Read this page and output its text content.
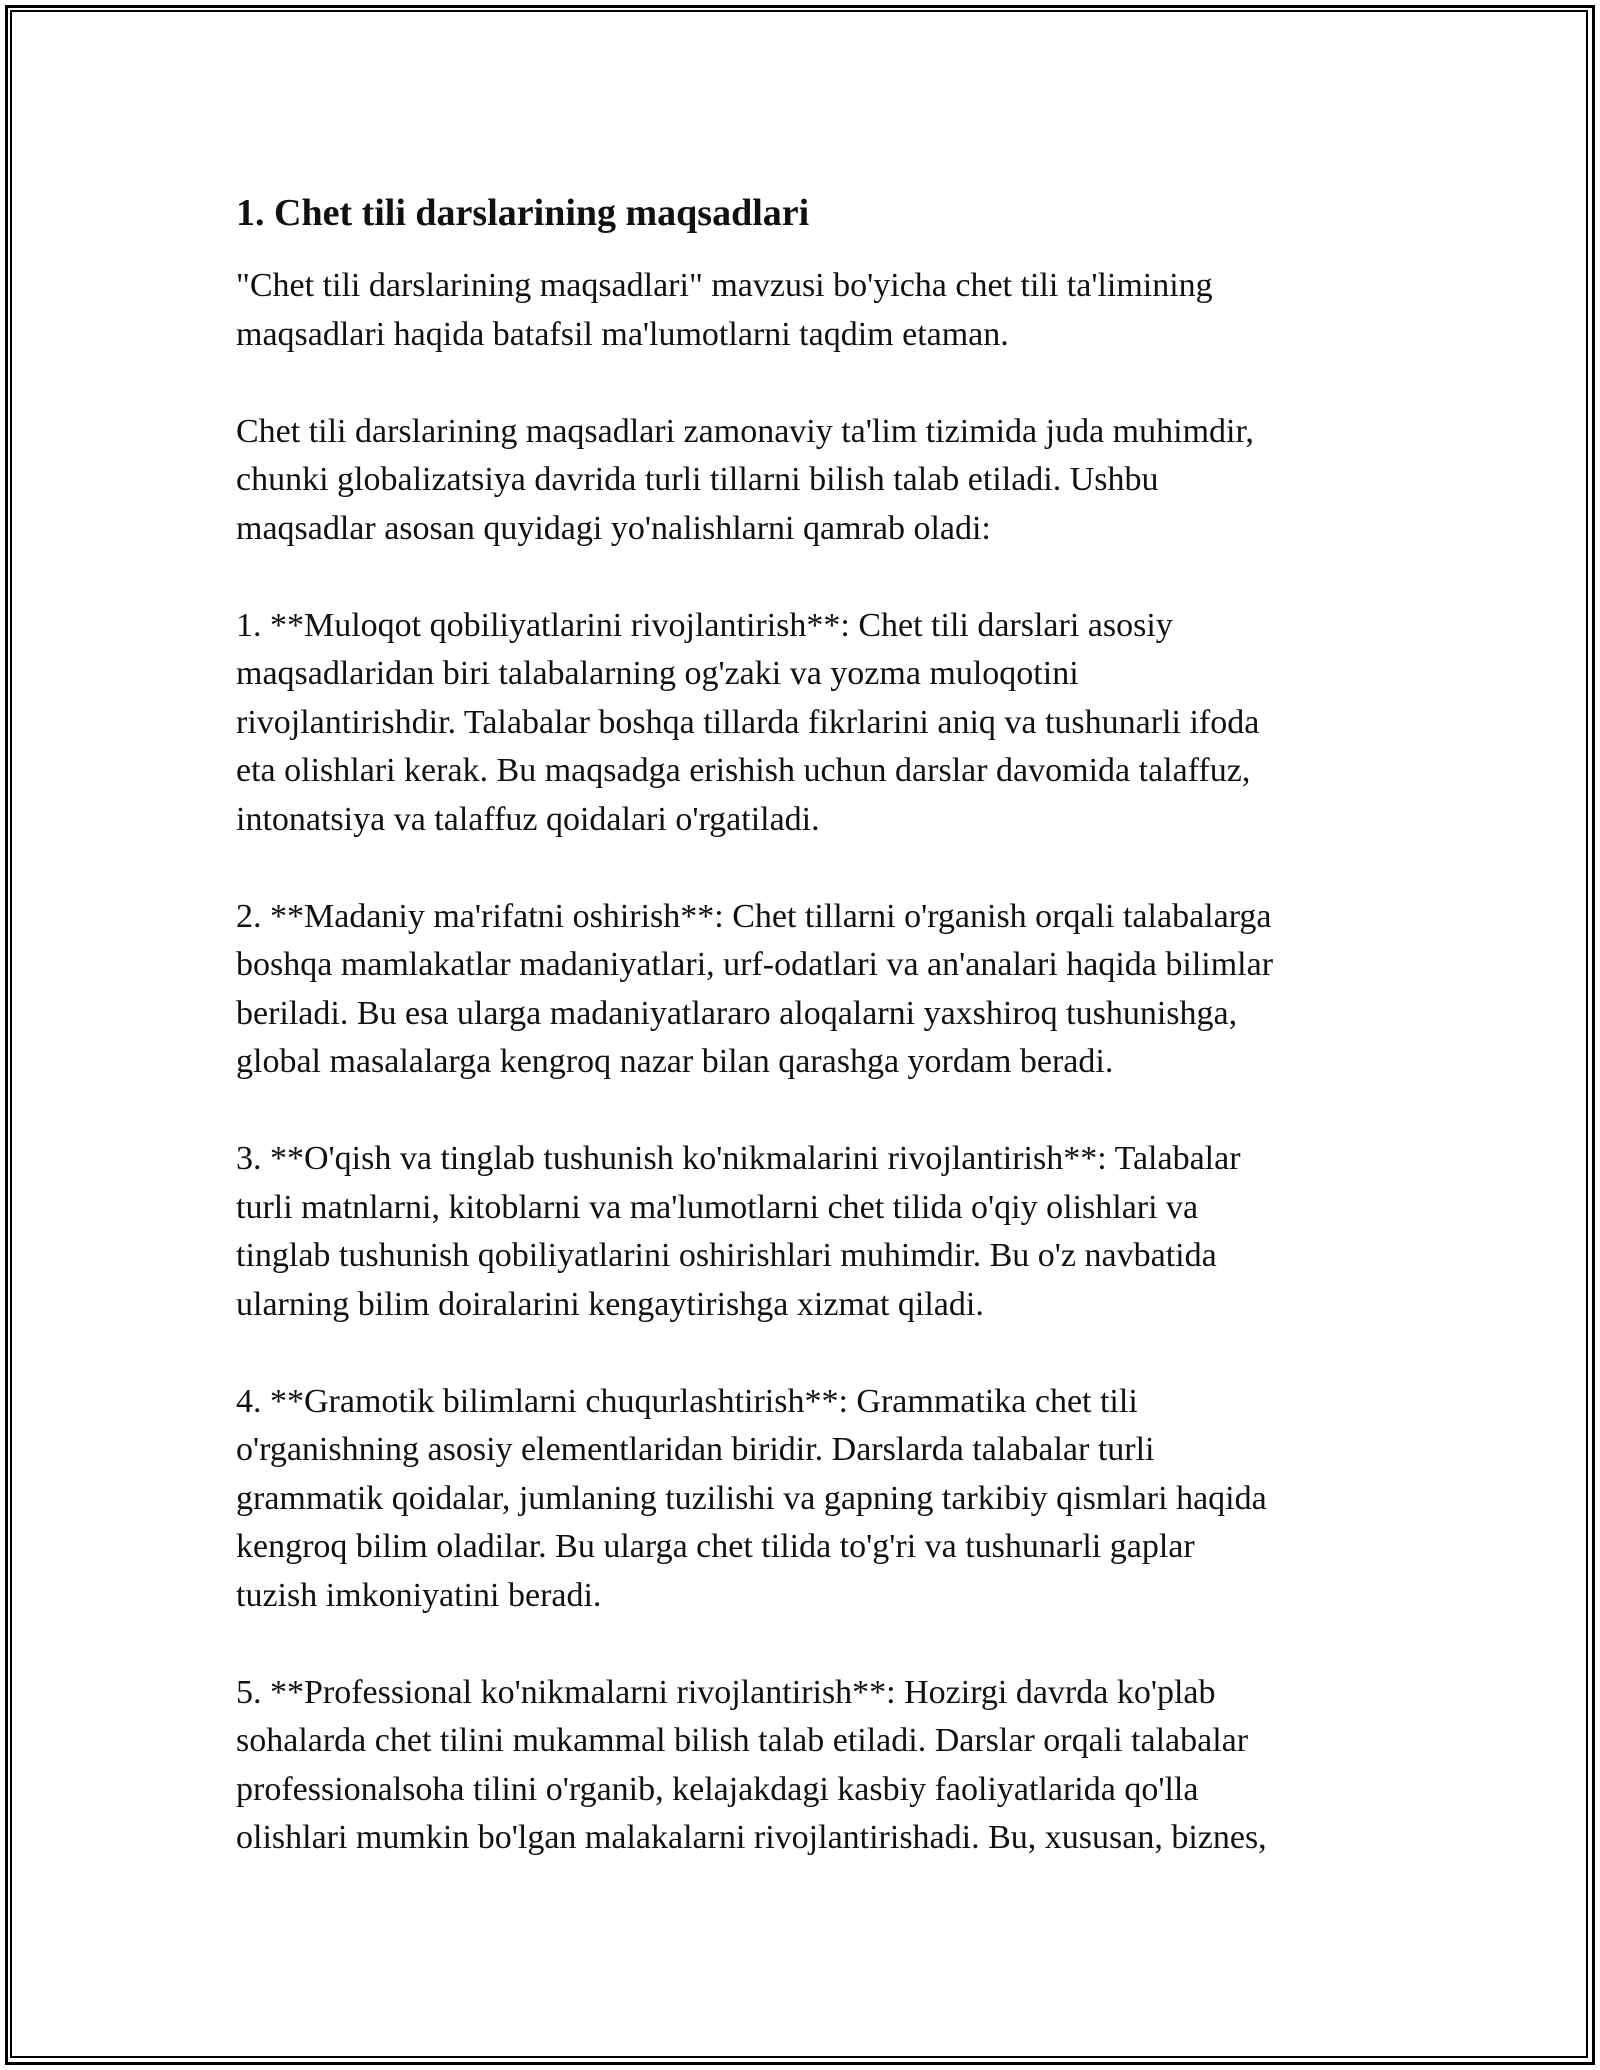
1. Chet tili darslarining maqsadlari

"Chet tili darslarining maqsadlari" mavzusi bo'yicha chet tili ta'limining
maqsadlari haqida batafsil ma'lumotlarni taqdim etaman.

Chet tili darslarining maqsadlari zamonaviy ta'lim tizimida juda muhimdir,
chunki globalizatsiya davrida turli tillarni bilish talab etiladi. Ushbu
maqsadlar asosan quyidagi yo'nalishlarni qamrab oladi:

1. **Muloqot qobiliyatlarini rivojlantirish**: Chet tili darslari asosiy
maqsadlaridan biri talabalarning og'zaki va yozma muloqotini
rivojlantirishdir. Talabalar boshqa tillarda fikrlarini aniq va tushunarli ifoda
eta olishlari kerak. Bu maqsadga erishish uchun darslar davomida talaffuz,
intonatsiya va talaffuz qoidalari o'rgatiladi.

2. **Madaniy ma'rifatni oshirish**: Chet tillarni o'rganish orqali talabalarga
boshqa mamlakatlar madaniyatlari, urf-odatlari va an'analari haqida bilimlar
beriladi. Bu esa ularga madaniyatlararo aloqalarni yaxshiroq tushunishga,
global masalalarga kengroq nazar bilan qarashga yordam beradi.

3. **O'qish va tinglab tushunish ko'nikmalarini rivojlantirish**: Talabalar
turli matnlarni, kitoblarni va ma'lumotlarni chet tilida o'qiy olishlari va
tinglab tushunish qobiliyatlarini oshirishlari muhimdir. Bu o'z navbatida
ularning bilim doiralarini kengaytirishga xizmat qiladi.

4. **Gramotik bilimlarni chuqurlashtirish**: Grammatika chet tili
o'rganishning asosiy elementlaridan biridir. Darslarda talabalar turli
grammatik qoidalar, jumlaning tuzilishi va gapning tarkibiy qismlari haqida
kengroq bilim oladilar. Bu ularga chet tilida to'g'ri va tushunarli gaplar
tuzish imkoniyatini beradi.

5. **Professional ko'nikmalarni rivojlantirish**: Hozirgi davrda ko'plab
sohalarda chet tilini mukammal bilish talab etiladi. Darslar orqali talabalar
professionalsoha tilini o'rganib, kelajakdagi kasbiy faoliyatlarida qo'lla
olishlari mumkin bo'lgan malakalarni rivojlantirishadi. Bu, xususan, biznes,
